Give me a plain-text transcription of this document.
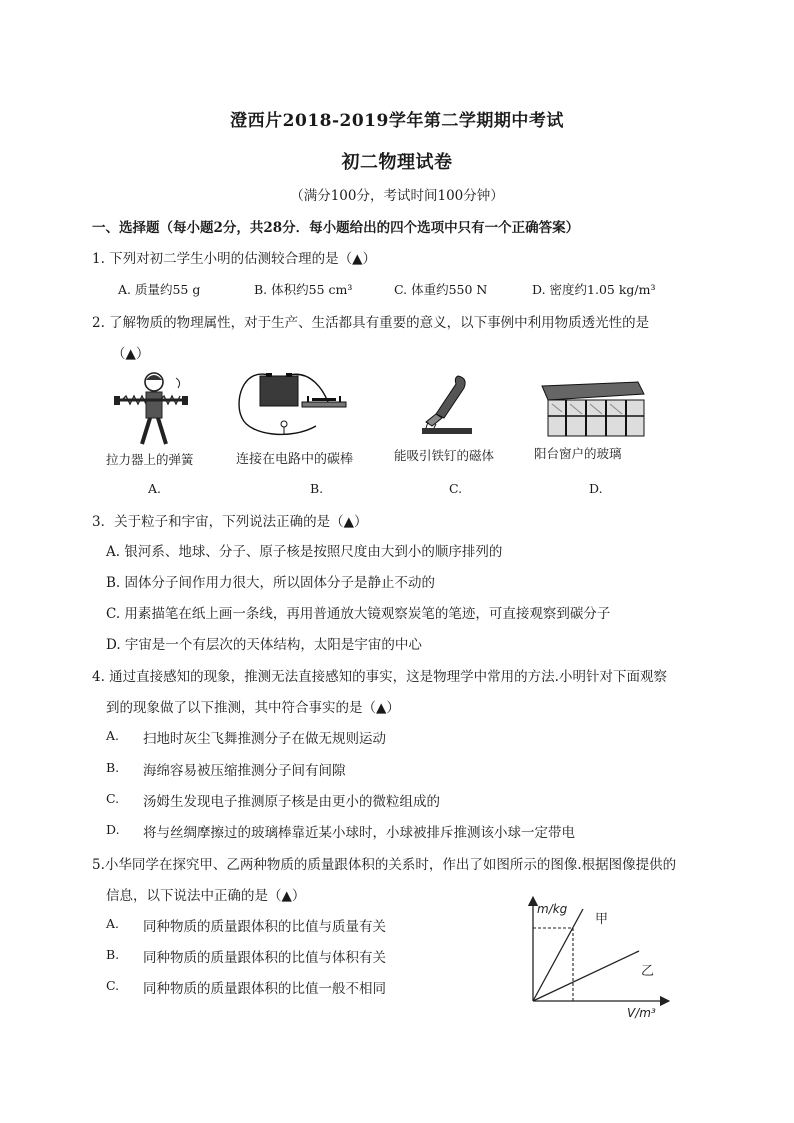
澄西片2018-2019学年第二学期期中考试
初二物理试卷
（满分100分，考试时间100分钟）
一、选择题（每小题2分，共28分．每小题给出的四个选项中只有一个正确答案）
1. 下列对初二学生小明的估测较合理的是（▲）
A. 质量约55 g	B. 体积约55 cm³	C. 体重约550 N	D. 密度约1.05 kg/m³
2. 了解物质的物理属性，对于生产、生活都具有重要的意义，以下事例中利用物质透光性的是
（▲）
拉力器上的弹簧	连接在电路中的碳棒	能吸引铁钉的磁体	阳台窗户的玻璃
A.	B.	C.	D.
3．关于粒子和宇宙，下列说法正确的是（▲）
A. 银河系、地球、分子、原子核是按照尺度由大到小的顺序排列的
B. 固体分子间作用力很大，所以固体分子是静止不动的
C. 用素描笔在纸上画一条线，再用普通放大镜观察炭笔的笔迹，可直接观察到碳分子
D. 宇宙是一个有层次的天体结构，太阳是宇宙的中心
4. 通过直接感知的现象，推测无法直接感知的事实，这是物理学中常用的方法.小明针对下面观察
到的现象做了以下推测，其中符合事实的是（▲）
A. 扫地时灰尘飞舞推测分子在做无规则运动
B. 海绵容易被压缩推测分子间有间隙
C. 汤姆生发现电子推测原子核是由更小的微粒组成的
D. 将与丝绸摩擦过的玻璃棒靠近某小球时，小球被排斥推测该小球一定带电
5.小华同学在探究甲、乙两种物质的质量跟体积的关系时，作出了如图所示的图像.根据图像提供的
信息，以下说法中正确的是（▲）
A. 同种物质的质量跟体积的比值与质量有关
B. 同种物质的质量跟体积的比值与体积有关
C. 同种物质的质量跟体积的比值一般不相同
m/kg
V/m³
甲
乙
